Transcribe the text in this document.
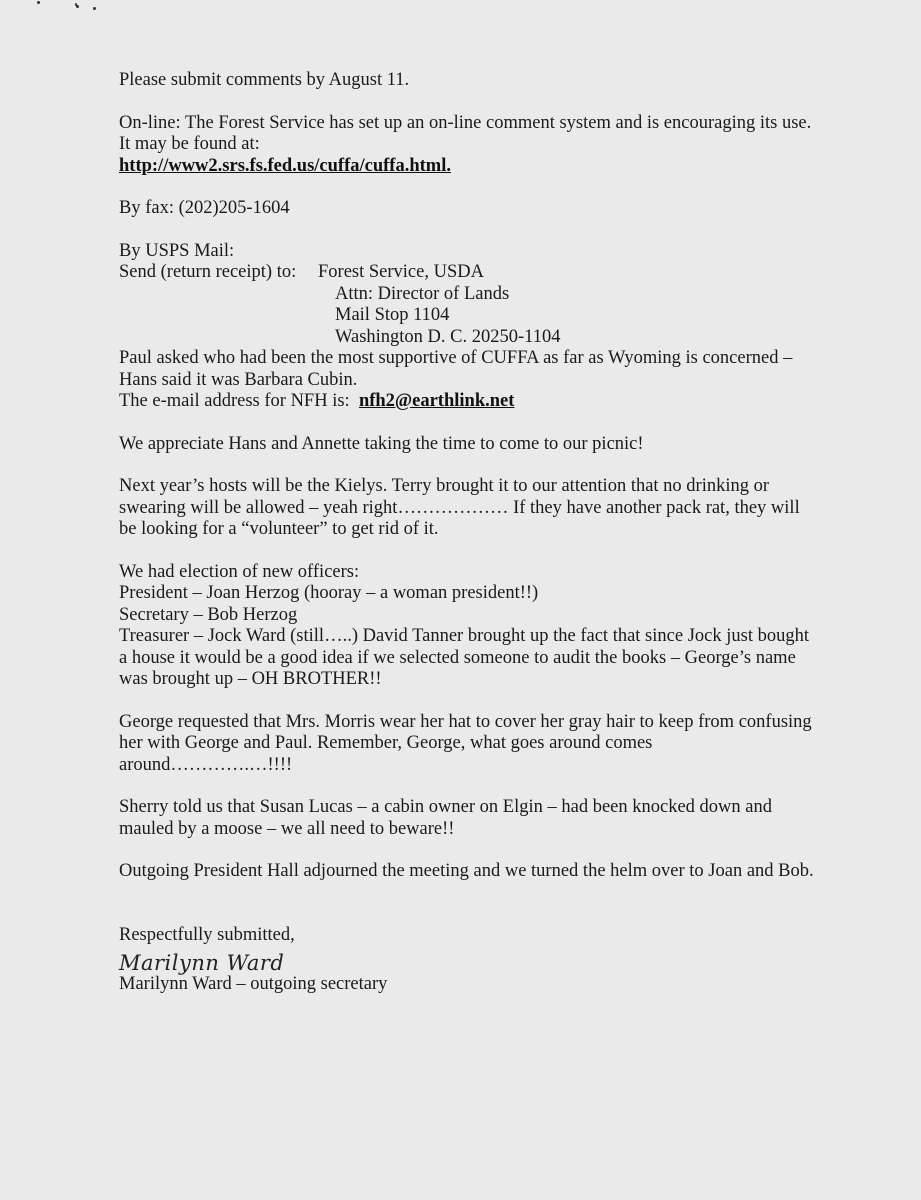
Please submit comments by August 11.

On-line: The Forest Service has set up an on-line comment system and is encouraging its use. It may be found at:

http://www2.srs.fs.fed.us/cuffa/cuffa.html.

By fax: (202)205-1604

By USPS Mail:

Send (return receipt) to:	Forest Service, USDA

Attn: Director of Lands

Mail Stop 1104

Washington D. C. 20250-1104

Paul asked who had been the most supportive of CUFFA as far as Wyoming is concerned – Hans said it was Barbara Cubin.

The e-mail address for NFH is: nfh2@earthlink.net

We appreciate Hans and Annette taking the time to come to our picnic!

Next year’s hosts will be the Kielys. Terry brought it to our attention that no drinking or swearing will be allowed – yeah right……………… If they have another pack rat, they will be looking for a “volunteer” to get rid of it.

We had election of new officers:

President – Joan Herzog (hooray – a woman president!!)

Secretary – Bob Herzog

Treasurer – Jock Ward (still…..) David Tanner brought up the fact that since Jock just bought a house it would be a good idea if we selected someone to audit the books – George’s name was brought up – OH BROTHER!!

George requested that Mrs. Morris wear her hat to cover her gray hair to keep from confusing her with George and Paul. Remember, George, what goes around comes around………….…!!!!

Sherry told us that Susan Lucas – a cabin owner on Elgin – had been knocked down and mauled by a moose – we all need to beware!!

Outgoing President Hall adjourned the meeting and we turned the helm over to Joan and Bob.

Respectfully submitted,

Marilynn Ward

Marilynn Ward – outgoing secretary
